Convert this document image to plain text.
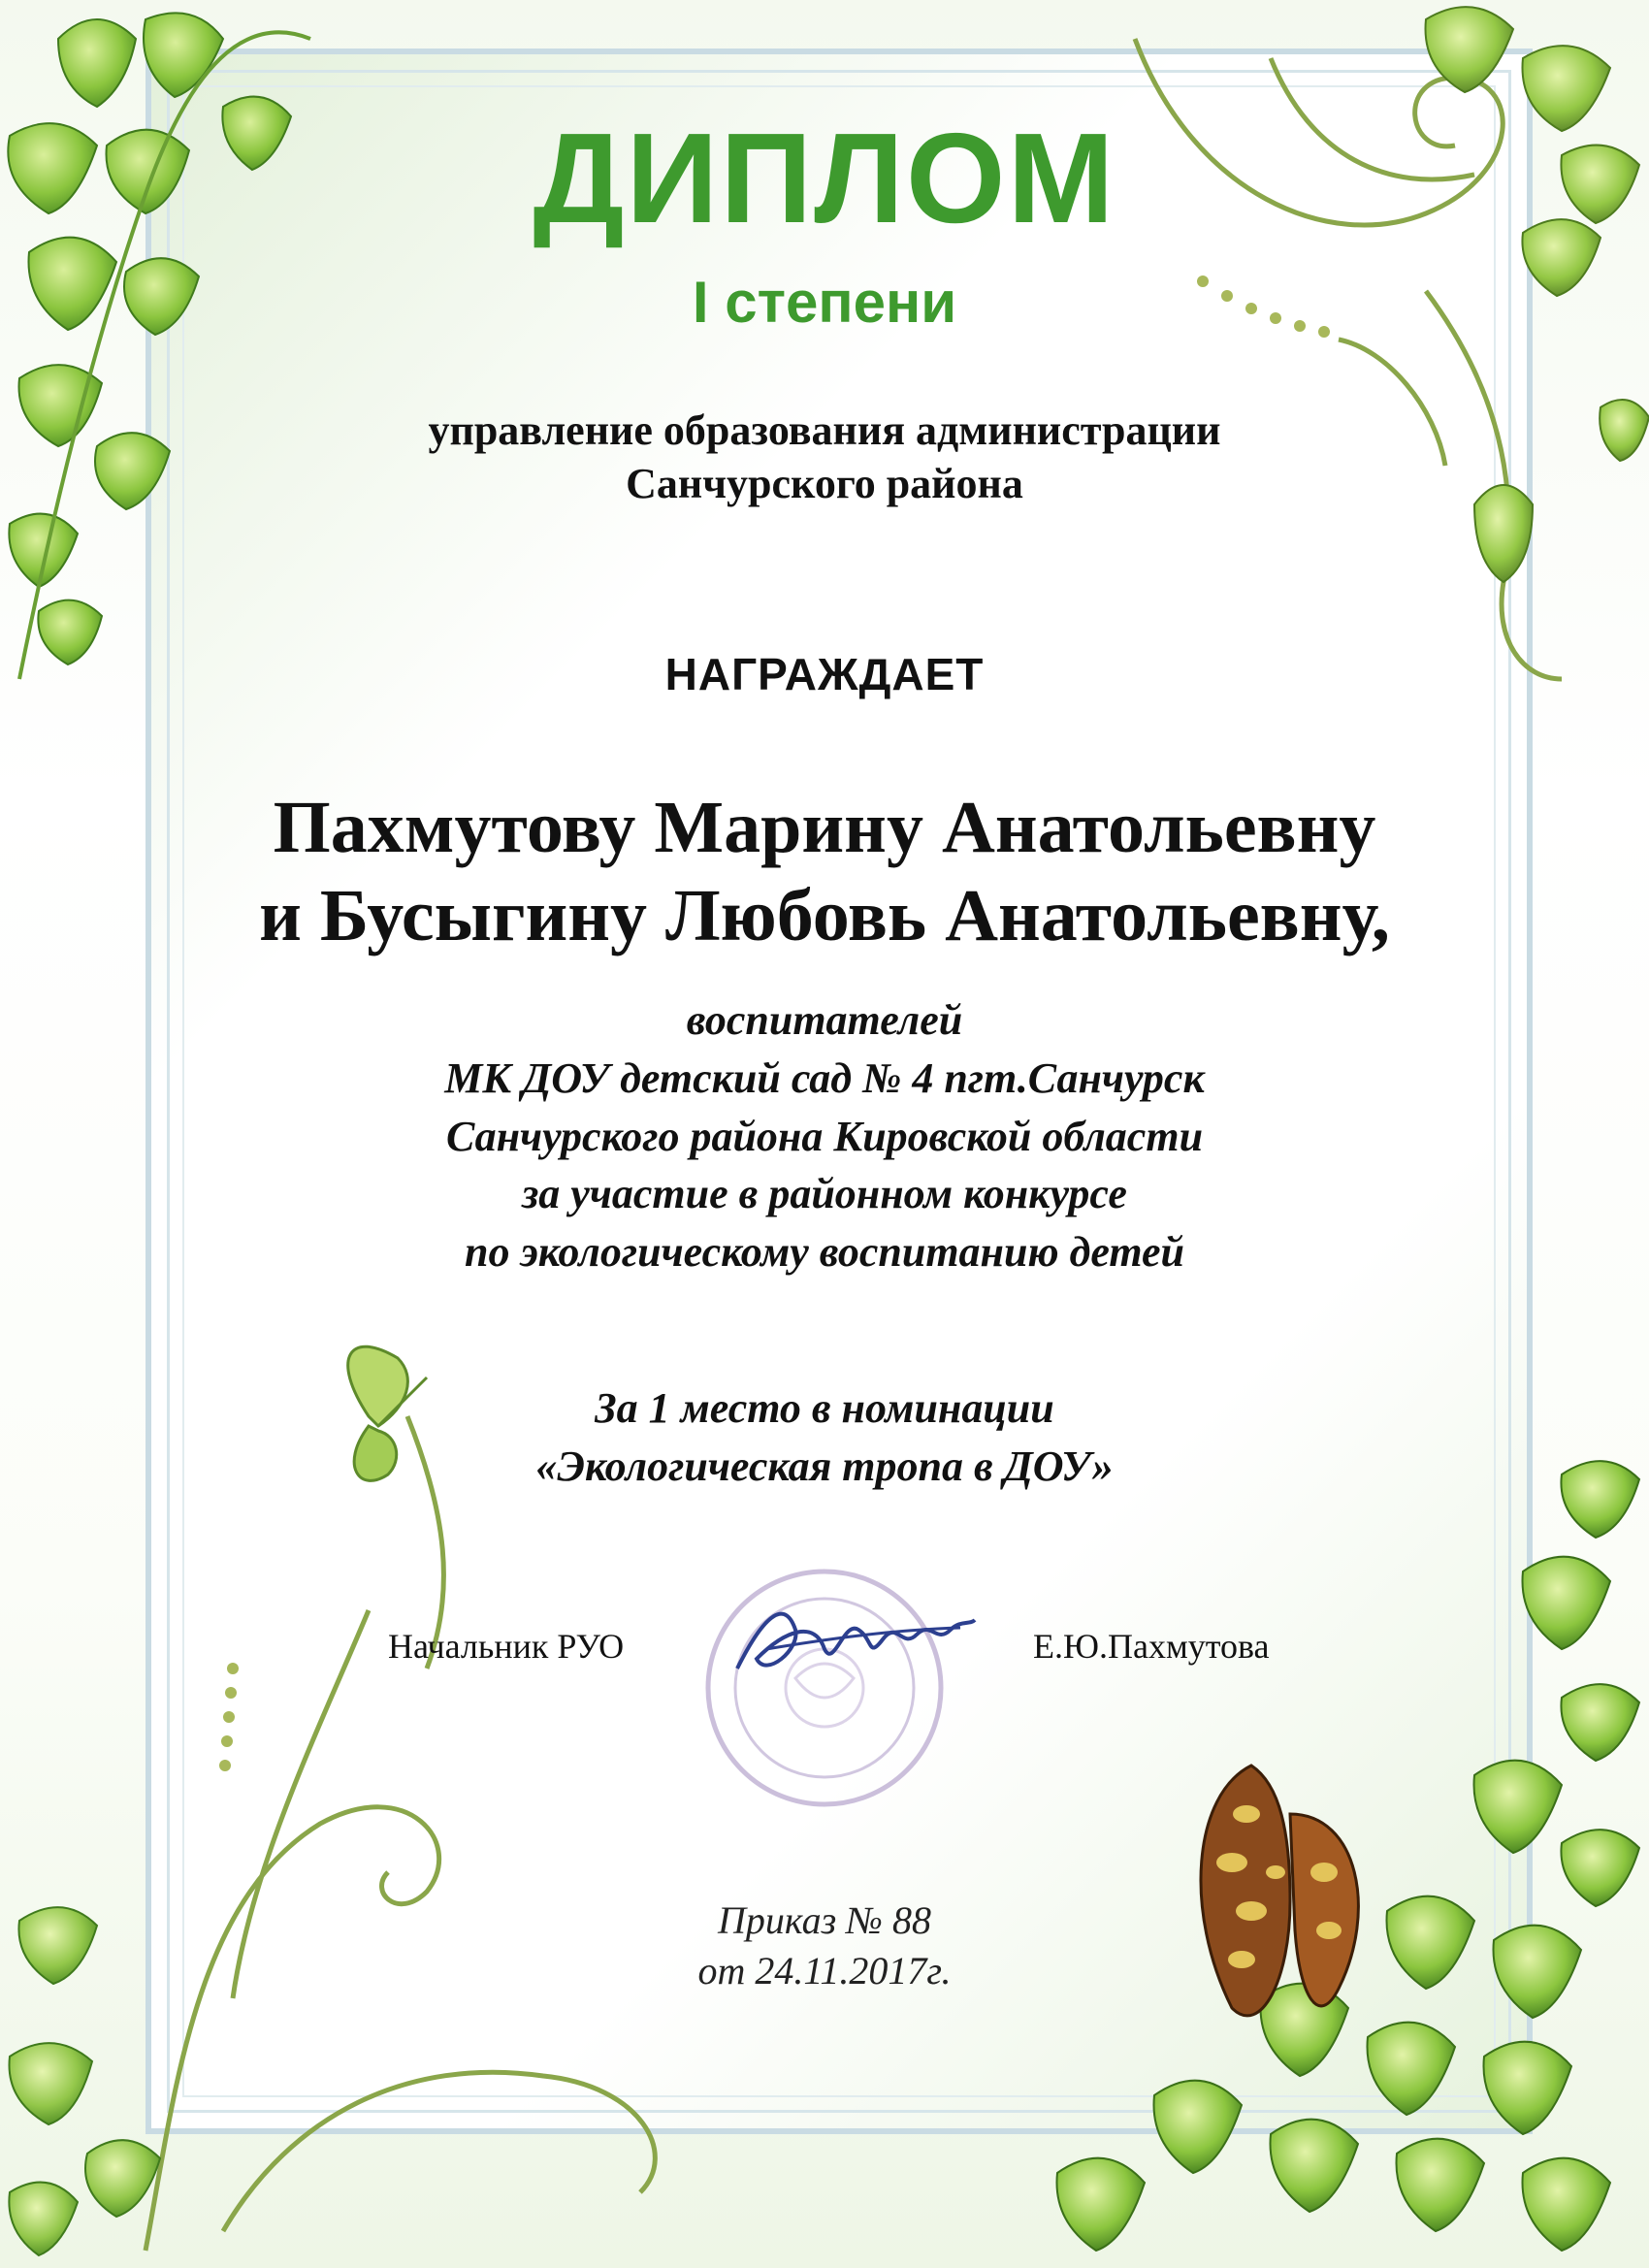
ДИПЛОМ
I степени
управление образования администрации
Санчурского района
НАГРАЖДАЕТ
Пахмутову Марину Анатольевну
и Бусыгину Любовь Анатольевну,
воспитателей
МК ДОУ детский сад № 4 пгт.Санчурск
Санчурского района Кировской области
за участие в районном конкурсе
по экологическому воспитанию детей
За 1 место в номинации
«Экологическая тропа в ДОУ»
Начальник РУО	Е.Ю.Пахмутова
Приказ № 88
от 24.11.2017г.
